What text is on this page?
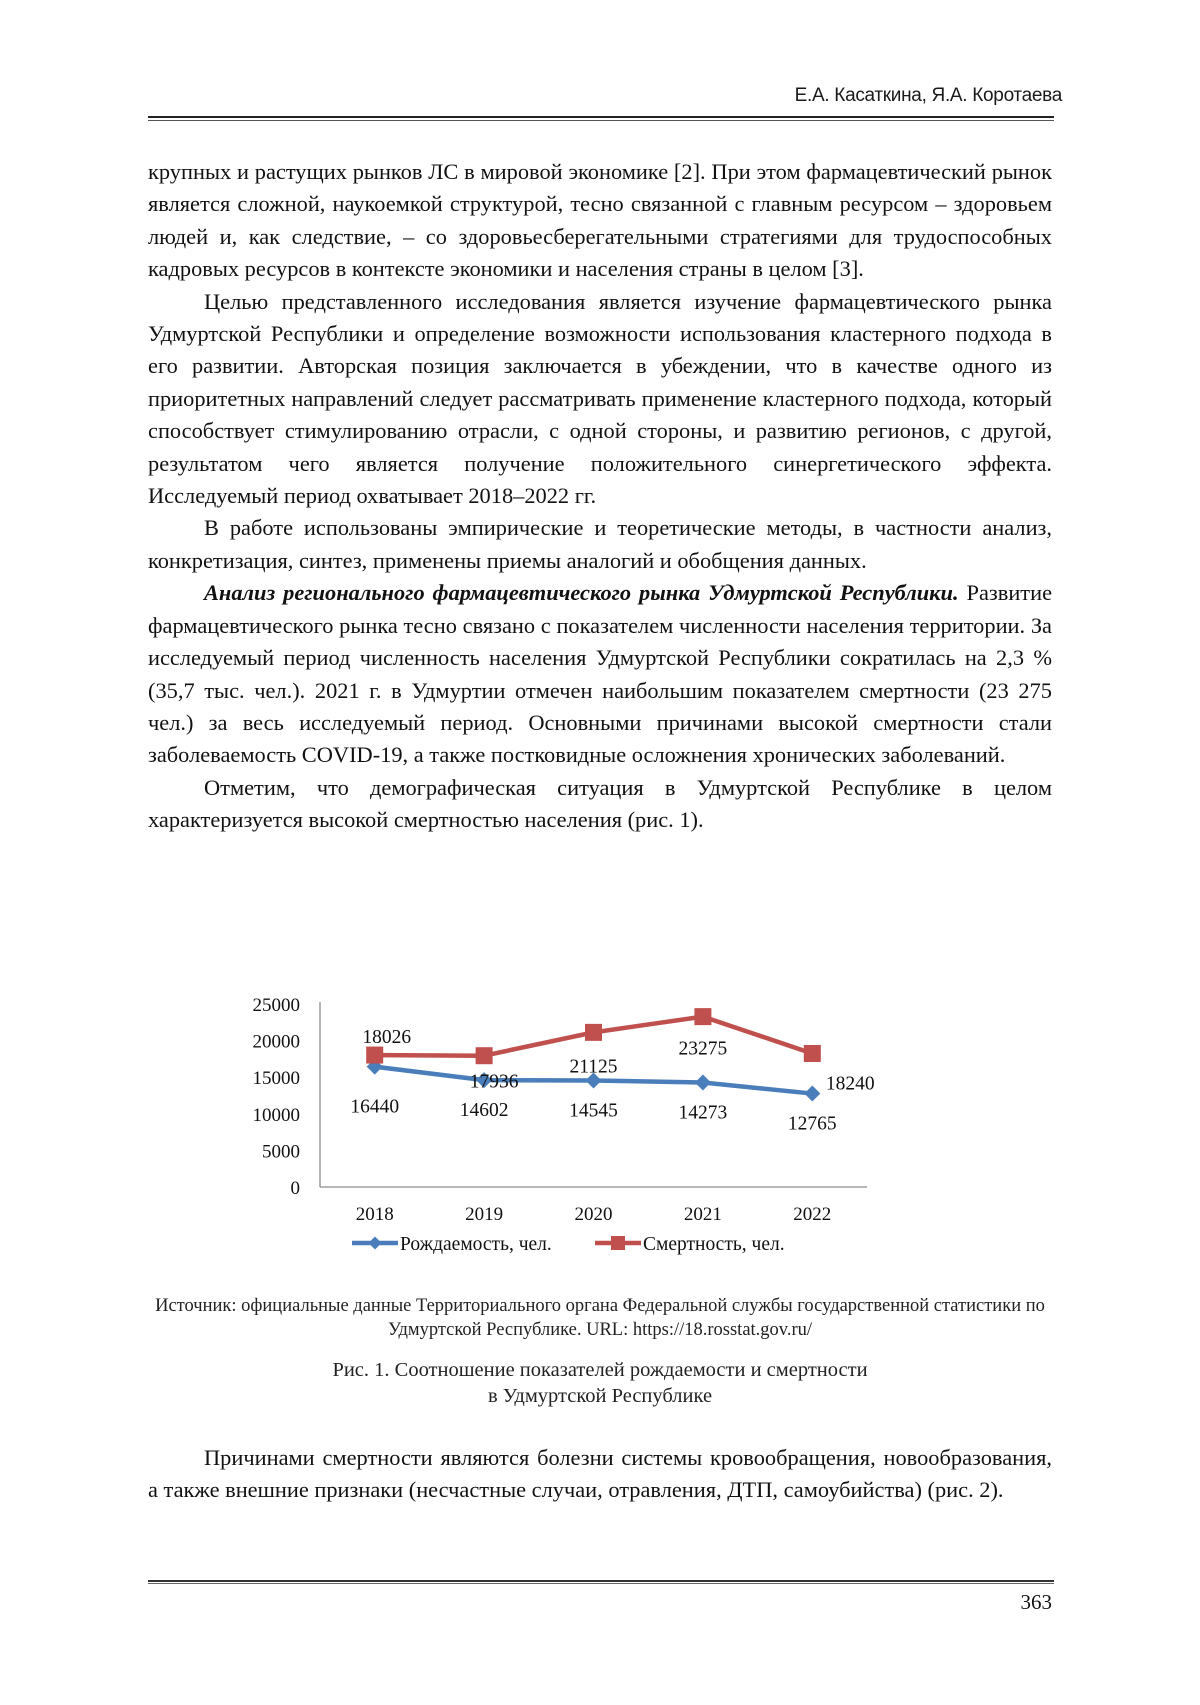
Е.А. Касаткина, Я.А. Коротаева

крупных и растущих рынков ЛС в мировой экономике [2]. При этом фармацевтический рынок является сложной, наукоемкой структурой, тесно связанной с главным ресурсом – здоровьем людей и, как следствие, – со здоровьесберегательными стратегиями для трудоспособных кадровых ресурсов в контексте экономики и населения страны в целом [3].

Целью представленного исследования является изучение фармацевтического рынка Удмуртской Республики и определение возможности использования кластерного подхода в его развитии. Авторская позиция заключается в убеждении, что в качестве одного из приоритетных направлений следует рассматривать применение кластерного подхода, который способствует стимулированию отрасли, с одной стороны, и развитию регионов, с другой, результатом чего является получение положительного синергетического эффекта. Исследуемый период охватывает 2018–2022 гг.

В работе использованы эмпирические и теоретические методы, в частности анализ, конкретизация, синтез, применены приемы аналогий и обобщения данных.

Анализ регионального фармацевтического рынка Удмуртской Республики. Развитие фармацевтического рынка тесно связано с показателем численности населения территории. За исследуемый период численность населения Удмуртской Республики сократилась на 2,3 % (35,7 тыс. чел.). 2021 г. в Удмуртии отмечен наибольшим показателем смертности (23 275 чел.) за весь исследуемый период. Основными причинами высокой смертности стали заболеваемость COVID-19, а также постковидные осложнения хронических заболеваний.

Отметим, что демографическая ситуация в Удмуртской Республике в целом характеризуется высокой смертностью населения (рис. 1).

0
5000
10000
15000
20000
25000
2018	2019	2020	2021	2022
16440	14602	14545	14273
12765
18026
17936
21125
23275
18240
Рождаемость, чел.	Смертность, чел.
Источник: официальные данные Территориального органа Федеральной службы государственной статистики по Удмуртской Республике. URL: https://18.rosstat.gov.ru/
Рис. 1. Соотношение показателей рождаемости и смертности
в Удмуртской Республике

Причинами смертности являются болезни системы кровообращения, новообразования, а также внешние признаки (несчастные случаи, отравления, ДТП, самоубийства) (рис. 2).

363
